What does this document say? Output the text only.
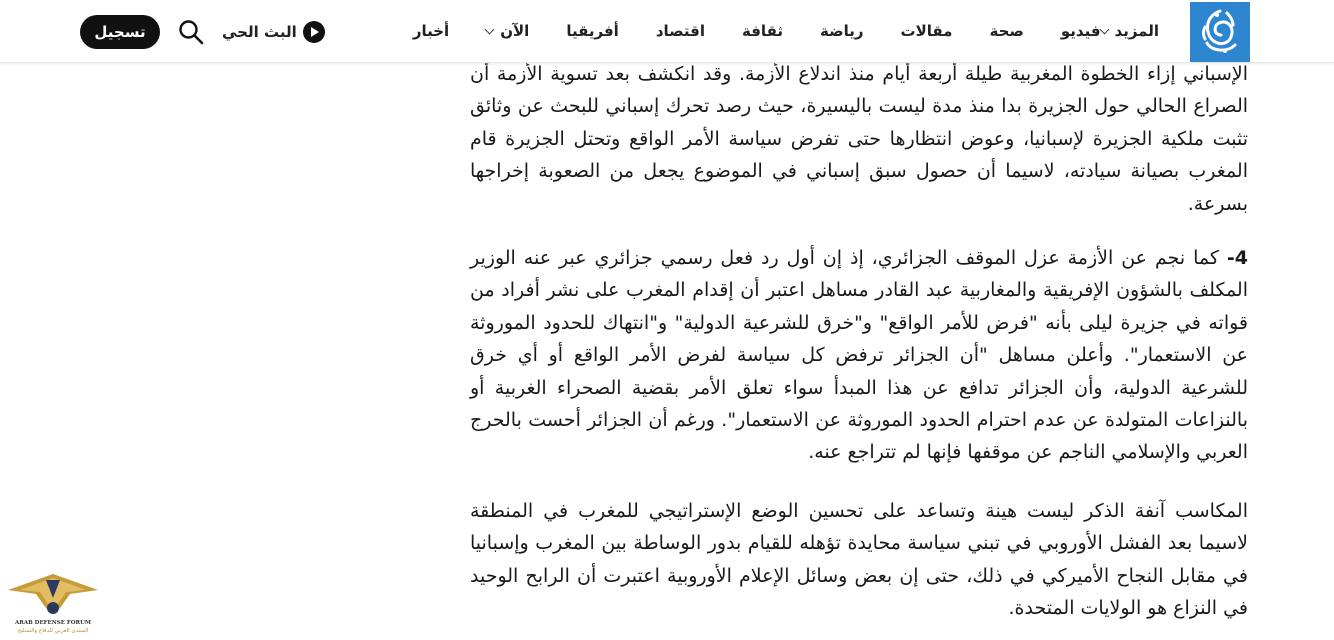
الإسباني إزاء الخطوة المغربية طيلة أربعة أيام منذ اندلاع الأزمة. وقد انكشف بعد تسوية الأزمة أن الصراع الحالي حول الجزيرة بدا منذ مدة ليست باليسيرة، حيث رصد تحرك إسباني للبحث عن وثائق تثبت ملكية الجزيرة لإسبانيا، وعوض انتظارها حتى تفرض سياسة الأمر الواقع وتحتل الجزيرة قام المغرب بصيانة سيادته، لاسيما أن حصول سبق إسباني في الموضوع يجعل من الصعوبة إخراجها بسرعة.

4- كما نجم عن الأزمة عزل الموقف الجزائري، إذ إن أول رد فعل رسمي جزائري عبر عنه الوزير المكلف بالشؤون الإفريقية والمغاربية عبد القادر مساهل اعتبر أن إقدام المغرب على نشر أفراد من قواته في جزيرة ليلى بأنه "فرض للأمر الواقع" و"خرق للشرعية الدولية" و"انتهاك للحدود الموروثة عن الاستعمار". وأعلن مساهل "أن الجزائر ترفض كل سياسة لفرض الأمر الواقع أو أي خرق للشرعية الدولية، وأن الجزائر تدافع عن هذا المبدأ سواء تعلق الأمر بقضية الصحراء الغربية أو بالنزاعات المتولدة عن عدم احترام الحدود الموروثة عن الاستعمار". ورغم أن الجزائر أحست بالحرج العربي والإسلامي الناجم عن موقفها فإنها لم تتراجع عنه.

المكاسب آنفة الذكر ليست هينة وتساعد على تحسين الوضع الإستراتيجي للمغرب في المنطقة لاسيما بعد الفشل الأوروبي في تبني سياسة محايدة تؤهله للقيام بدور الوساطة بين المغرب وإسبانيا في مقابل النجاح الأميركي في ذلك، حتى إن بعض وسائل الإعلام الأوروبية اعتبرت أن الرابح الوحيد في النزاع هو الولايات المتحدة.

أخبار	الآن أفريقيا اقتصاد ثقافة رياضة مقالات صحة فيديو المزيد
البث الحي
تسجيل
DA
ARAB DEFENSE FORUM
المنتدى العربي للدفاع والتسليح
